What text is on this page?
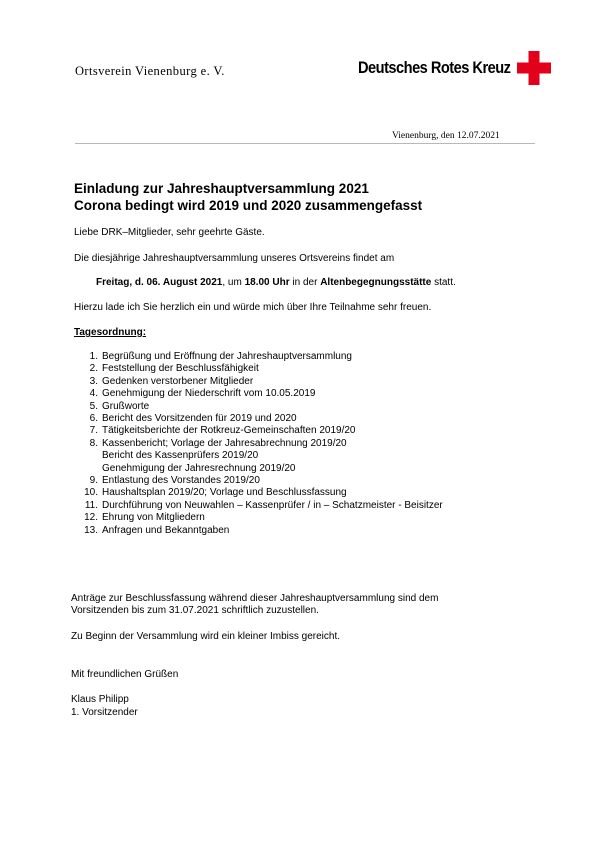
Ortsverein Vienenburg e. V.	Deutsches Rotes Kreuz
Vienenburg, den 12.07.2021
Einladung zur Jahreshauptversammlung 2021
Corona bedingt wird 2019 und 2020 zusammengefasst
Liebe DRK–Mitglieder, sehr geehrte Gäste.
Die diesjährige Jahreshauptversammlung unseres Ortsvereins findet am
Freitag, d. 06. August 2021, um 18.00 Uhr in der Altenbegegnungsstätte statt.
Hierzu lade ich Sie herzlich ein und würde mich über Ihre Teilnahme sehr freuen.
Tagesordnung:
1. Begrüßung und Eröffnung der Jahreshauptversammlung
2. Feststellung der Beschlussfähigkeit
3. Gedenken verstorbener Mitglieder
4. Genehmigung der Niederschrift vom 10.05.2019
5. Grußworte
6. Bericht des Vorsitzenden für 2019 und 2020
7. Tätigkeitsberichte der Rotkreuz-Gemeinschaften 2019/20
8. Kassenbericht; Vorlage der Jahresabrechnung 2019/20
Bericht des Kassenprüfers 2019/20
Genehmigung der Jahresrechnung 2019/20
9. Entlastung des Vorstandes 2019/20
10. Haushaltsplan 2019/20; Vorlage und Beschlussfassung
11. Durchführung von Neuwahlen – Kassenprüfer / in – Schatzmeister - Beisitzer
12. Ehrung von Mitgliedern
13. Anfragen und Bekanntgaben
Anträge zur Beschlussfassung während dieser Jahreshauptversammlung sind dem
Vorsitzenden bis zum 31.07.2021 schriftlich zuzustellen.
Zu Beginn der Versammlung wird ein kleiner Imbiss gereicht.
Mit freundlichen Grüßen
Klaus Philipp
1. Vorsitzender
